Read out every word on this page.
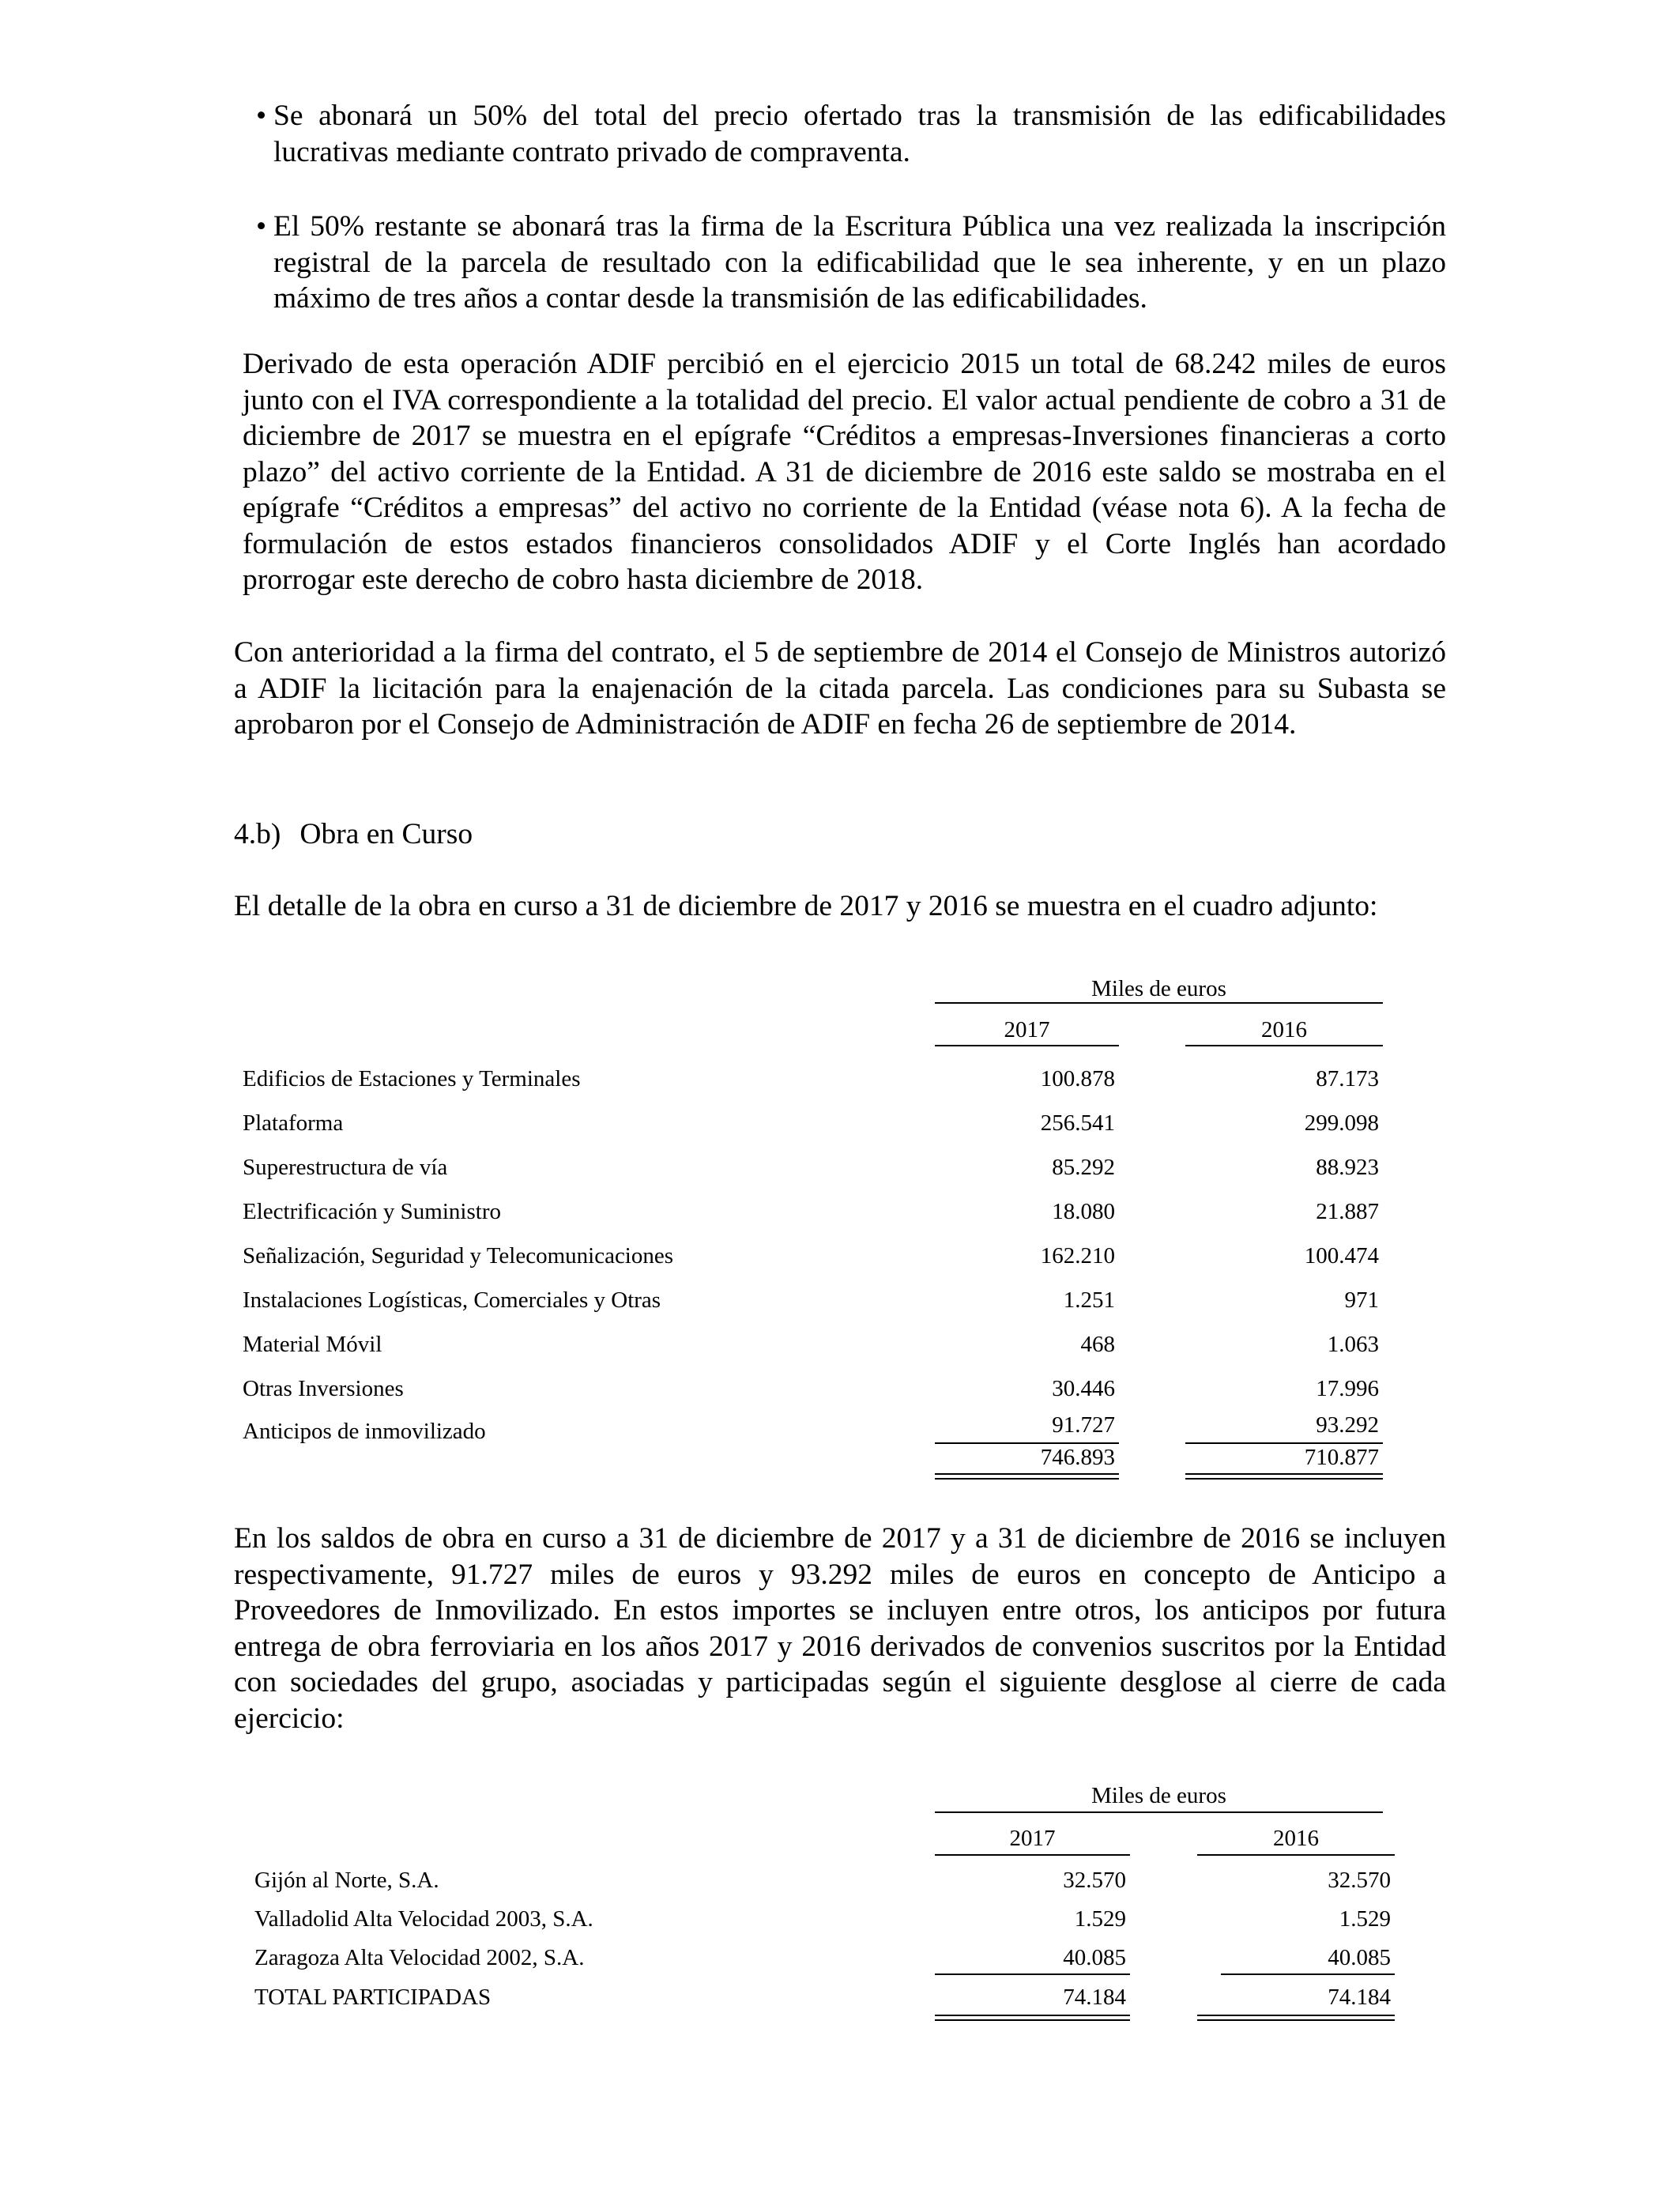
• Se abonará un 50% del total del precio ofertado tras la transmisión de las edificabilidades lucrativas mediante contrato privado de compraventa.
• El 50% restante se abonará tras la firma de la Escritura Pública una vez realizada la inscripción registral de la parcela de resultado con la edificabilidad que le sea inherente, y en un plazo máximo de tres años a contar desde la transmisión de las edificabilidades.
Derivado de esta operación ADIF percibió en el ejercicio 2015 un total de 68.242 miles de euros junto con el IVA correspondiente a la totalidad del precio. El valor actual pendiente de cobro a 31 de diciembre de 2017 se muestra en el epígrafe “Créditos a empresas-Inversiones financieras a corto plazo” del activo corriente de la Entidad. A 31 de diciembre de 2016 este saldo se mostraba en el epígrafe “Créditos a empresas” del activo no corriente de la Entidad (véase nota 6). A la fecha de formulación de estos estados financieros consolidados ADIF y el Corte Inglés han acordado prorrogar este derecho de cobro hasta diciembre de 2018.
Con anterioridad a la firma del contrato, el 5 de septiembre de 2014 el Consejo de Ministros autorizó a ADIF la licitación para la enajenación de la citada parcela. Las condiciones para su Subasta se aprobaron por el Consejo de Administración de ADIF en fecha 26 de septiembre de 2014.
4.b) Obra en Curso
El detalle de la obra en curso a 31 de diciembre de 2017 y 2016 se muestra en el cuadro adjunto:
Miles de euros
2017	2016
Edificios de Estaciones y Terminales	100.878	87.173
Plataforma	256.541	299.098
Superestructura de vía	85.292	88.923
Electrificación y Suministro	18.080	21.887
Señalización, Seguridad y Telecomunicaciones	162.210	100.474
Instalaciones Logísticas, Comerciales y Otras	1.251	971
Material Móvil	468	1.063
Otras Inversiones	30.446	17.996
Anticipos de inmovilizado	91.727	93.292
746.893	710.877
En los saldos de obra en curso a 31 de diciembre de 2017 y a 31 de diciembre de 2016 se incluyen respectivamente, 91.727 miles de euros y 93.292 miles de euros en concepto de Anticipo a Proveedores de Inmovilizado. En estos importes se incluyen entre otros, los anticipos por futura entrega de obra ferroviaria en los años 2017 y 2016 derivados de convenios suscritos por la Entidad con sociedades del grupo, asociadas y participadas según el siguiente desglose al cierre de cada ejercicio:
Miles de euros
2017	2016
Gijón al Norte, S.A.	32.570	32.570
Valladolid Alta Velocidad 2003, S.A.	1.529	1.529
Zaragoza Alta Velocidad 2002, S.A.	40.085	40.085
TOTAL PARTICIPADAS	74.184	74.184
